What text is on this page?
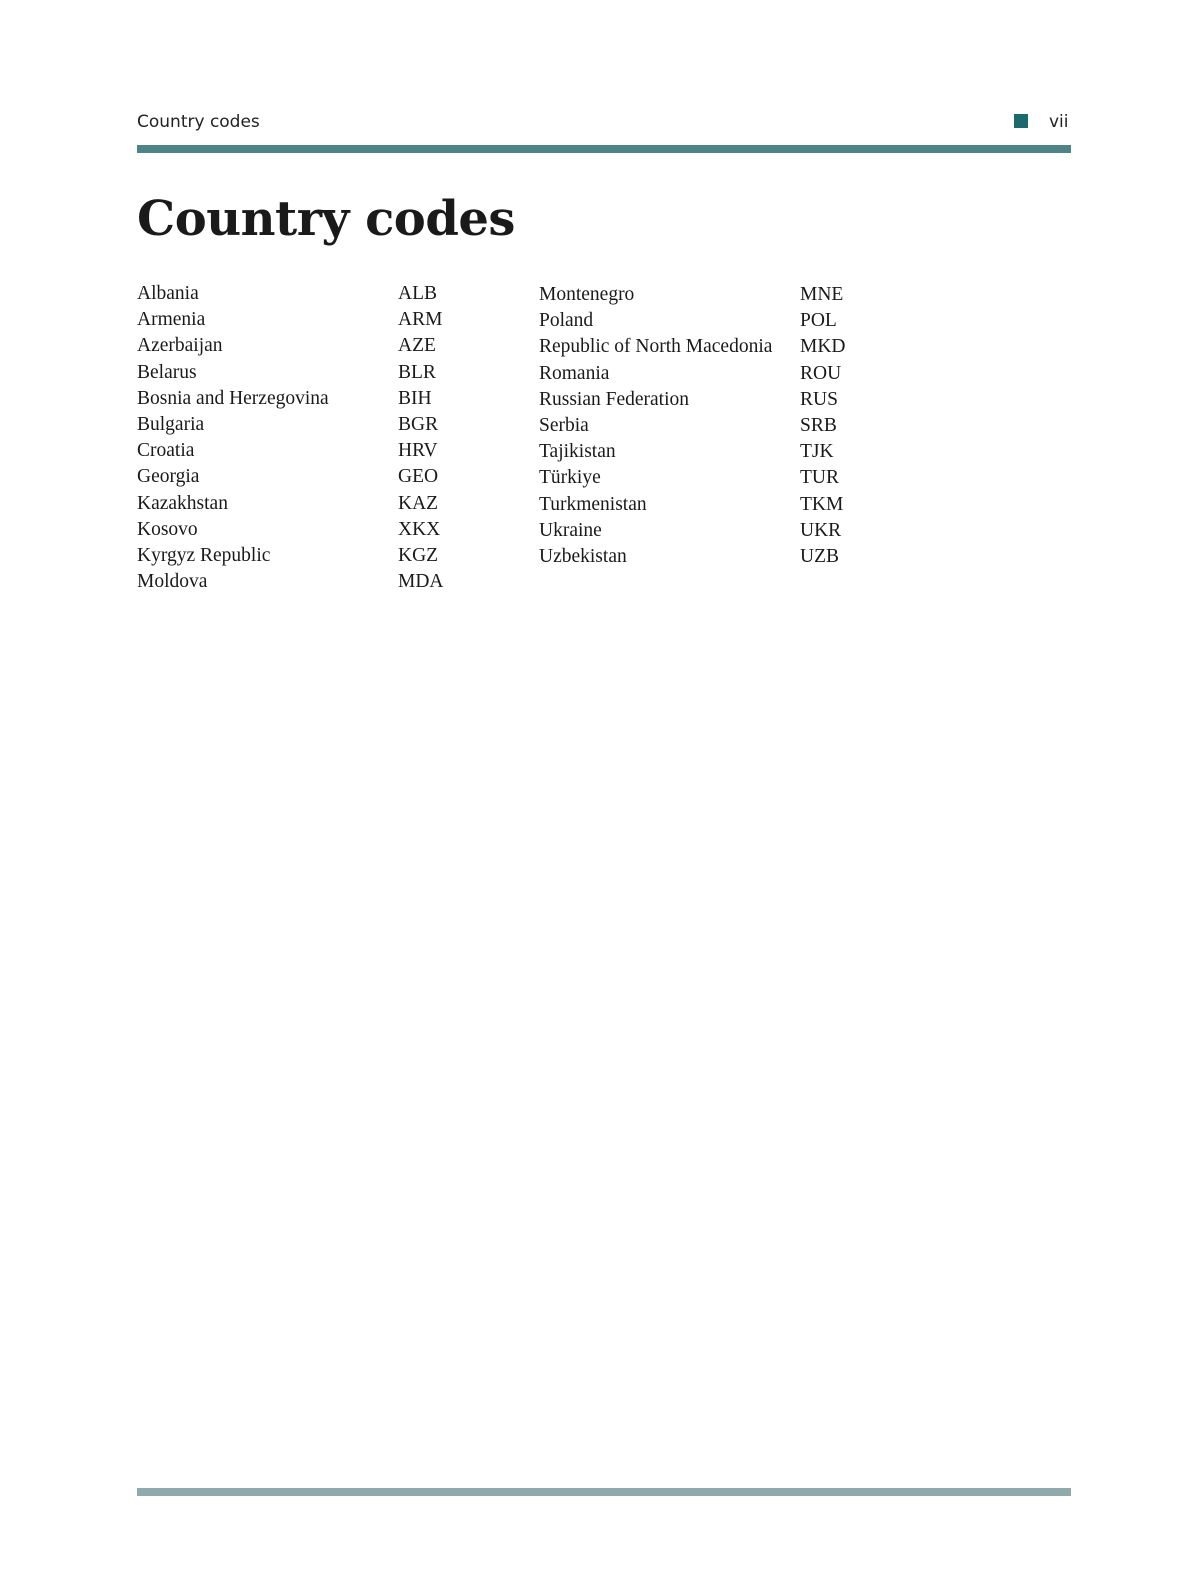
Country codes	vii
Country codes
Albania	ALB
Armenia	ARM
Azerbaijan	AZE
Belarus	BLR
Bosnia and Herzegovina	BIH
Bulgaria	BGR
Croatia	HRV
Georgia	GEO
Kazakhstan	KAZ
Kosovo	XKX
Kyrgyz Republic	KGZ
Moldova	MDA
Montenegro	MNE
Poland	POL
Republic of North Macedonia	MKD
Romania	ROU
Russian Federation	RUS
Serbia	SRB
Tajikistan	TJK
Türkiye	TUR
Turkmenistan	TKM
Ukraine	UKR
Uzbekistan	UZB
